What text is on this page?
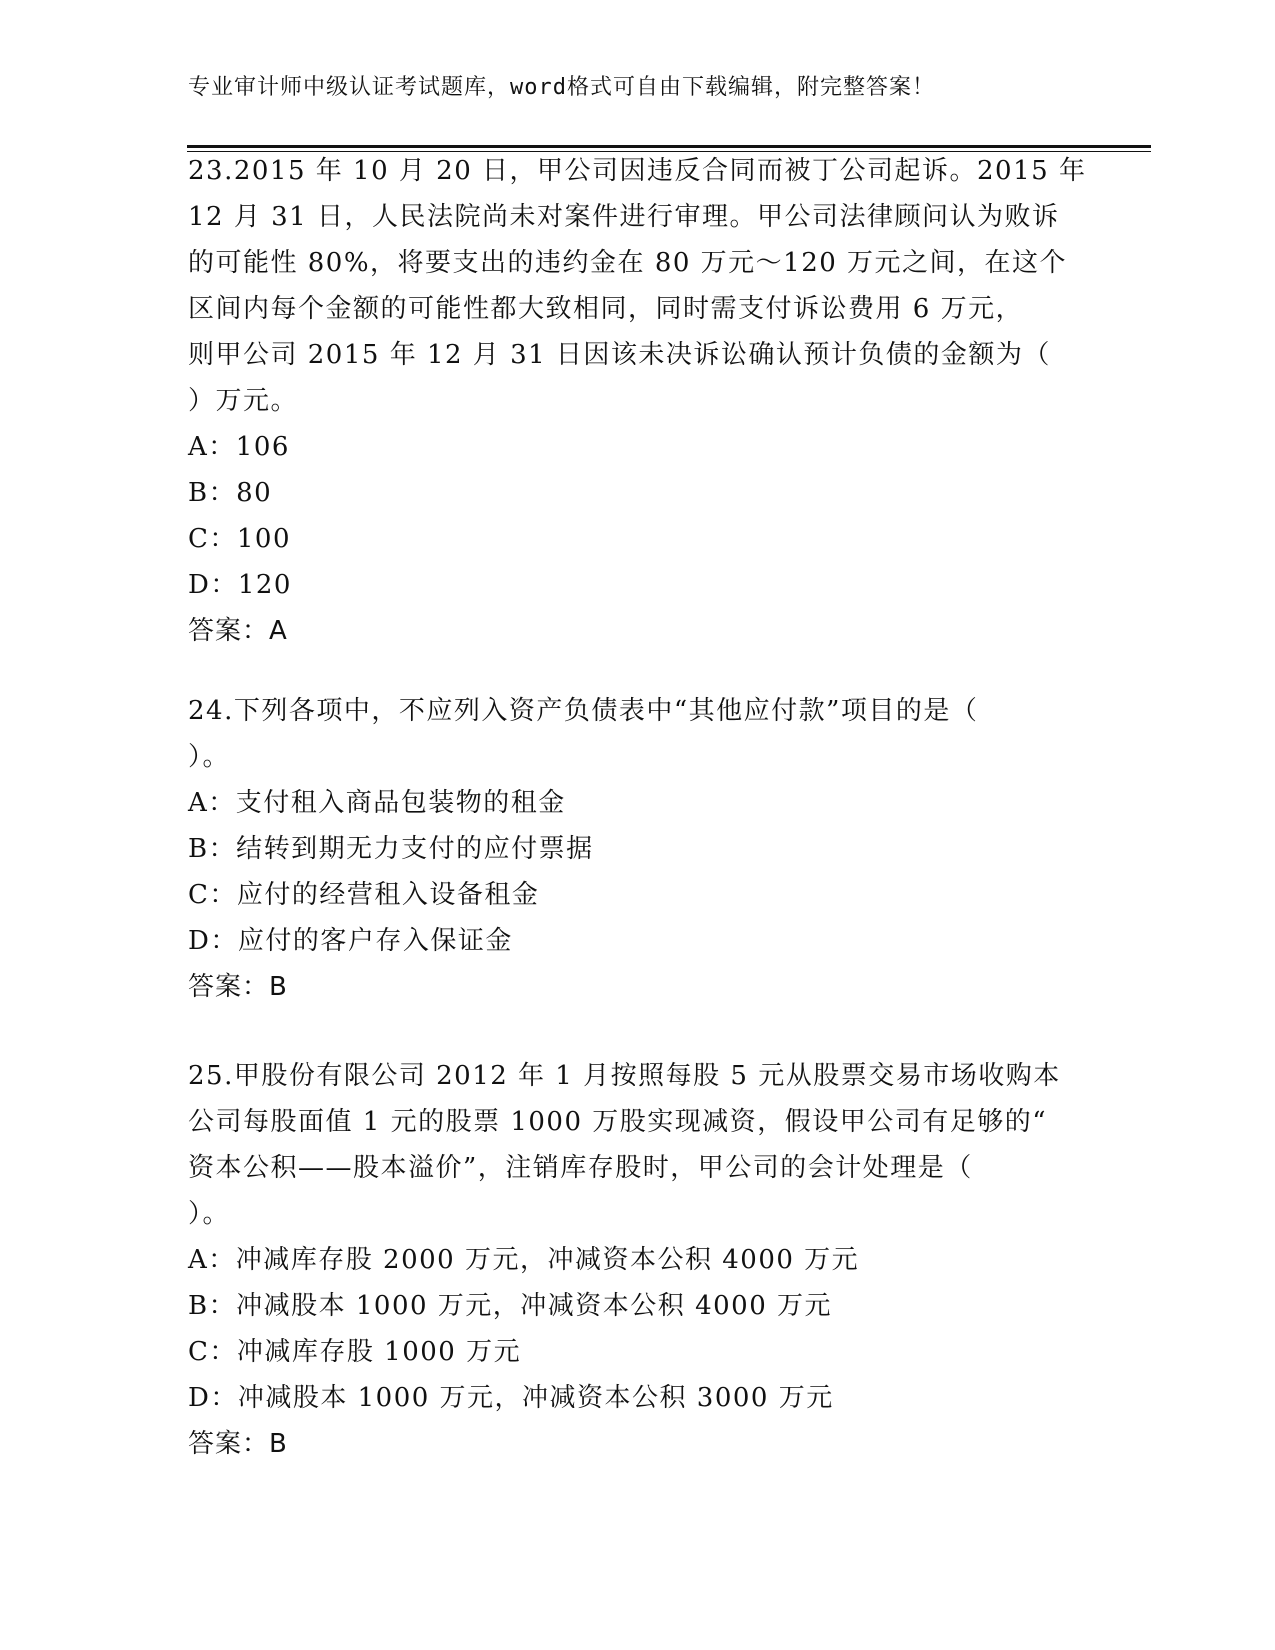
专业审计师中级认证考试题库，word格式可自由下载编辑，附完整答案！
23.2015 年 10 月 20 日，甲公司因违反合同而被丁公司起诉。2015 年
12 月 31 日，人民法院尚未对案件进行审理。甲公司法律顾问认为败诉
的可能性 80%，将要支出的违约金在 80 万元～120 万元之间，在这个
区间内每个金额的可能性都大致相同，同时需支付诉讼费用 6 万元，
则甲公司 2015 年 12 月 31 日因该未决诉讼确认预计负债的金额为（
）万元。
A：106
B：80
C：100
D：120
答案：A
24.下列各项中，不应列入资产负债表中“其他应付款”项目的是（
）。
A：支付租入商品包装物的租金
B：结转到期无力支付的应付票据
C：应付的经营租入设备租金
D：应付的客户存入保证金
答案：B
25.甲股份有限公司 2012 年 1 月按照每股 5 元从股票交易市场收购本
公司每股面值 1 元的股票 1000 万股实现减资，假设甲公司有足够的“
资本公积——股本溢价”，注销库存股时，甲公司的会计处理是（
）。
A：冲减库存股 2000 万元，冲减资本公积 4000 万元
B：冲减股本 1000 万元，冲减资本公积 4000 万元
C：冲减库存股 1000 万元
D：冲减股本 1000 万元，冲减资本公积 3000 万元
答案：B
